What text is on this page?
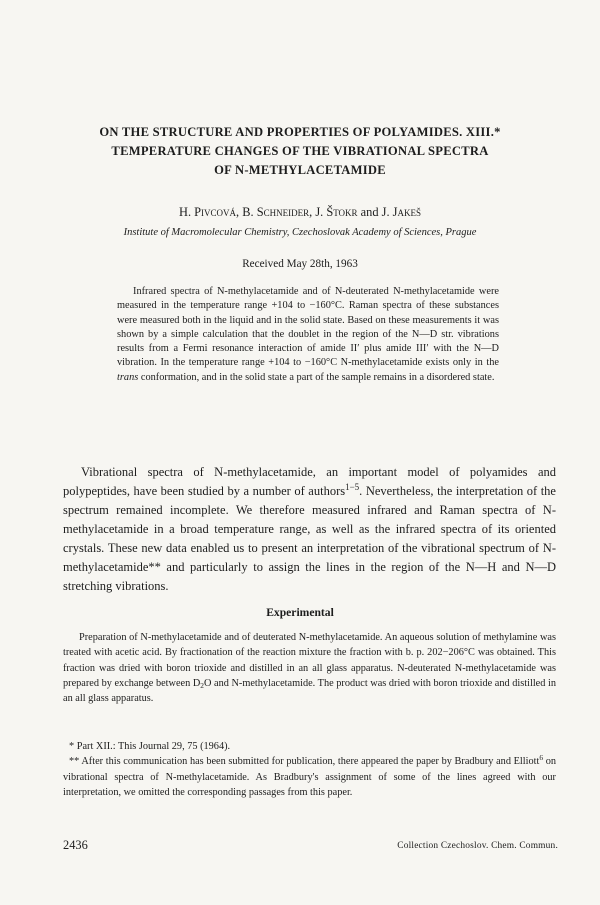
ON THE STRUCTURE AND PROPERTIES OF POLYAMIDES. XIII.*
TEMPERATURE CHANGES OF THE VIBRATIONAL SPECTRA
OF N-METHYLACETAMIDE
H. Pivcová, B. Schneider, J. Štokr and J. Jakeš
Institute of Macromolecular Chemistry, Czechoslovak Academy of Sciences, Prague
Received May 28th, 1963

Infrared spectra of N-methylacetamide and of N-deuterated N-methylacetamide were measured in the temperature range +104 to −160°C. Raman spectra of these substances were measured both in the liquid and in the solid state. Based on these measurements it was shown by a simple calculation that the doublet in the region of the N—D str. vibrations results from a Fermi resonance interaction of amide II′ plus amide III′ with the N—D vibration. In the temperature range +104 to −160°C N-methylacetamide exists only in the trans conformation, and in the solid state a part of the sample remains in a disordered state.

Vibrational spectra of N-methylacetamide, an important model of polyamides and polypeptides, have been studied by a number of authors$^{1-5}$. Nevertheless, the interpretation of the spectrum remained incomplete. We therefore measured infrared and Raman spectra of N-methylacetamide in a broad temperature range, as well as the infrared spectra of its oriented crystals. These new data enabled us to present an interpretation of the vibrational spectrum of N-methylacetamide** and particularly to assign the lines in the region of the N—H and N—D stretching vibrations.

Experimental

Preparation of N-methylacetamide and of deuterated N-methylacetamide. An aqueous solution of methylamine was treated with acetic acid. By fractionation of the reaction mixture the fraction with b. p. 202−206°C was obtained. This fraction was dried with boron trioxide and distilled in an all glass apparatus. N-deuterated N-methylacetamide was prepared by exchange between $D_2O$ and N-methylacetamide. The product was dried with boron trioxide and distilled in an all glass apparatus.

* Part XII.: This Journal 29, 75 (1964).
** After this communication has been submitted for publication, there appeared the paper by Bradbury and Elliott$^6$ on vibrational spectra of N-methylacetamide. As Bradbury's assignment of some of the lines agreed with our interpretation, we omitted the corresponding passages from this paper.
2436	Collection Czechoslov. Chem. Commun.
